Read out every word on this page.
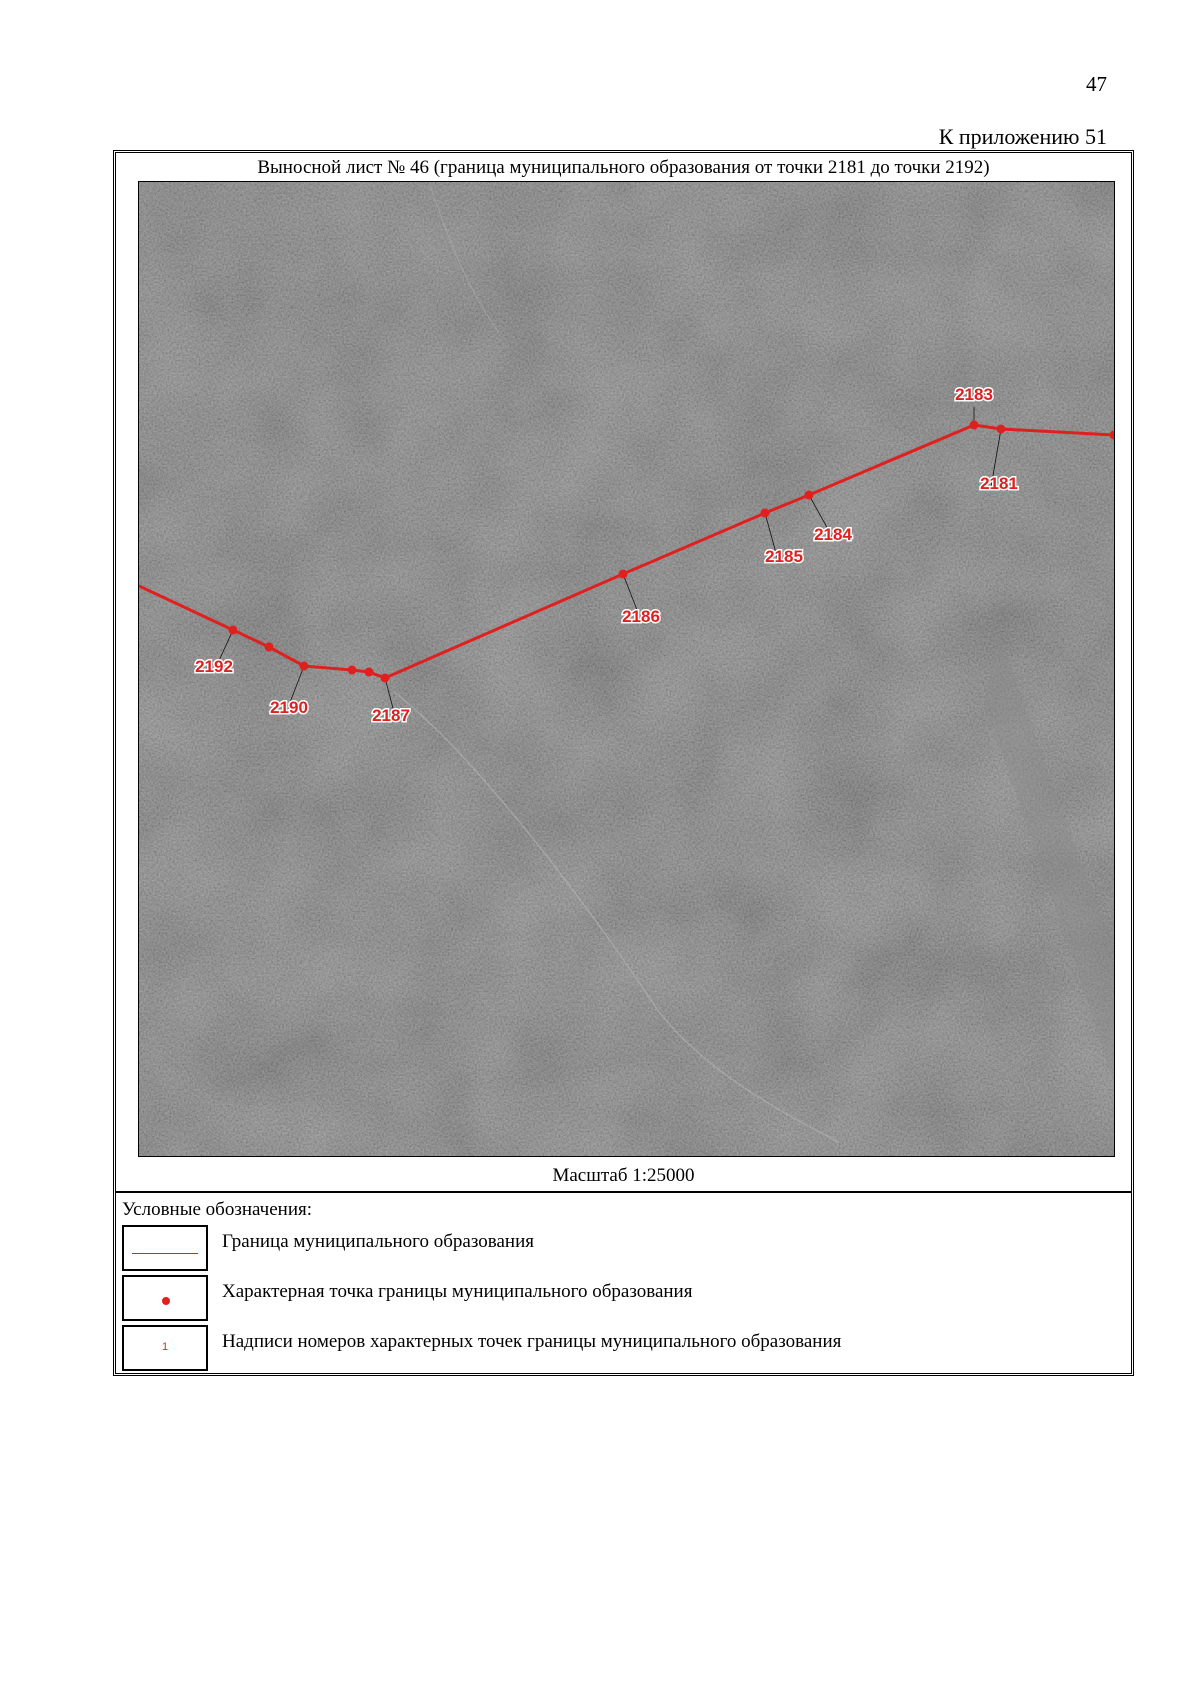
47
К приложению 51
Выносной лист № 46 (граница муниципального образования от точки 2181 до точки 2192)
2183
2181
2184
2185
2186
2192
2190	2187
Масштаб 1:25000
Условные обозначения:
Граница муниципального образования
Характерная точка границы муниципального образования
1	Надписи номеров характерных точек границы муниципального образования
